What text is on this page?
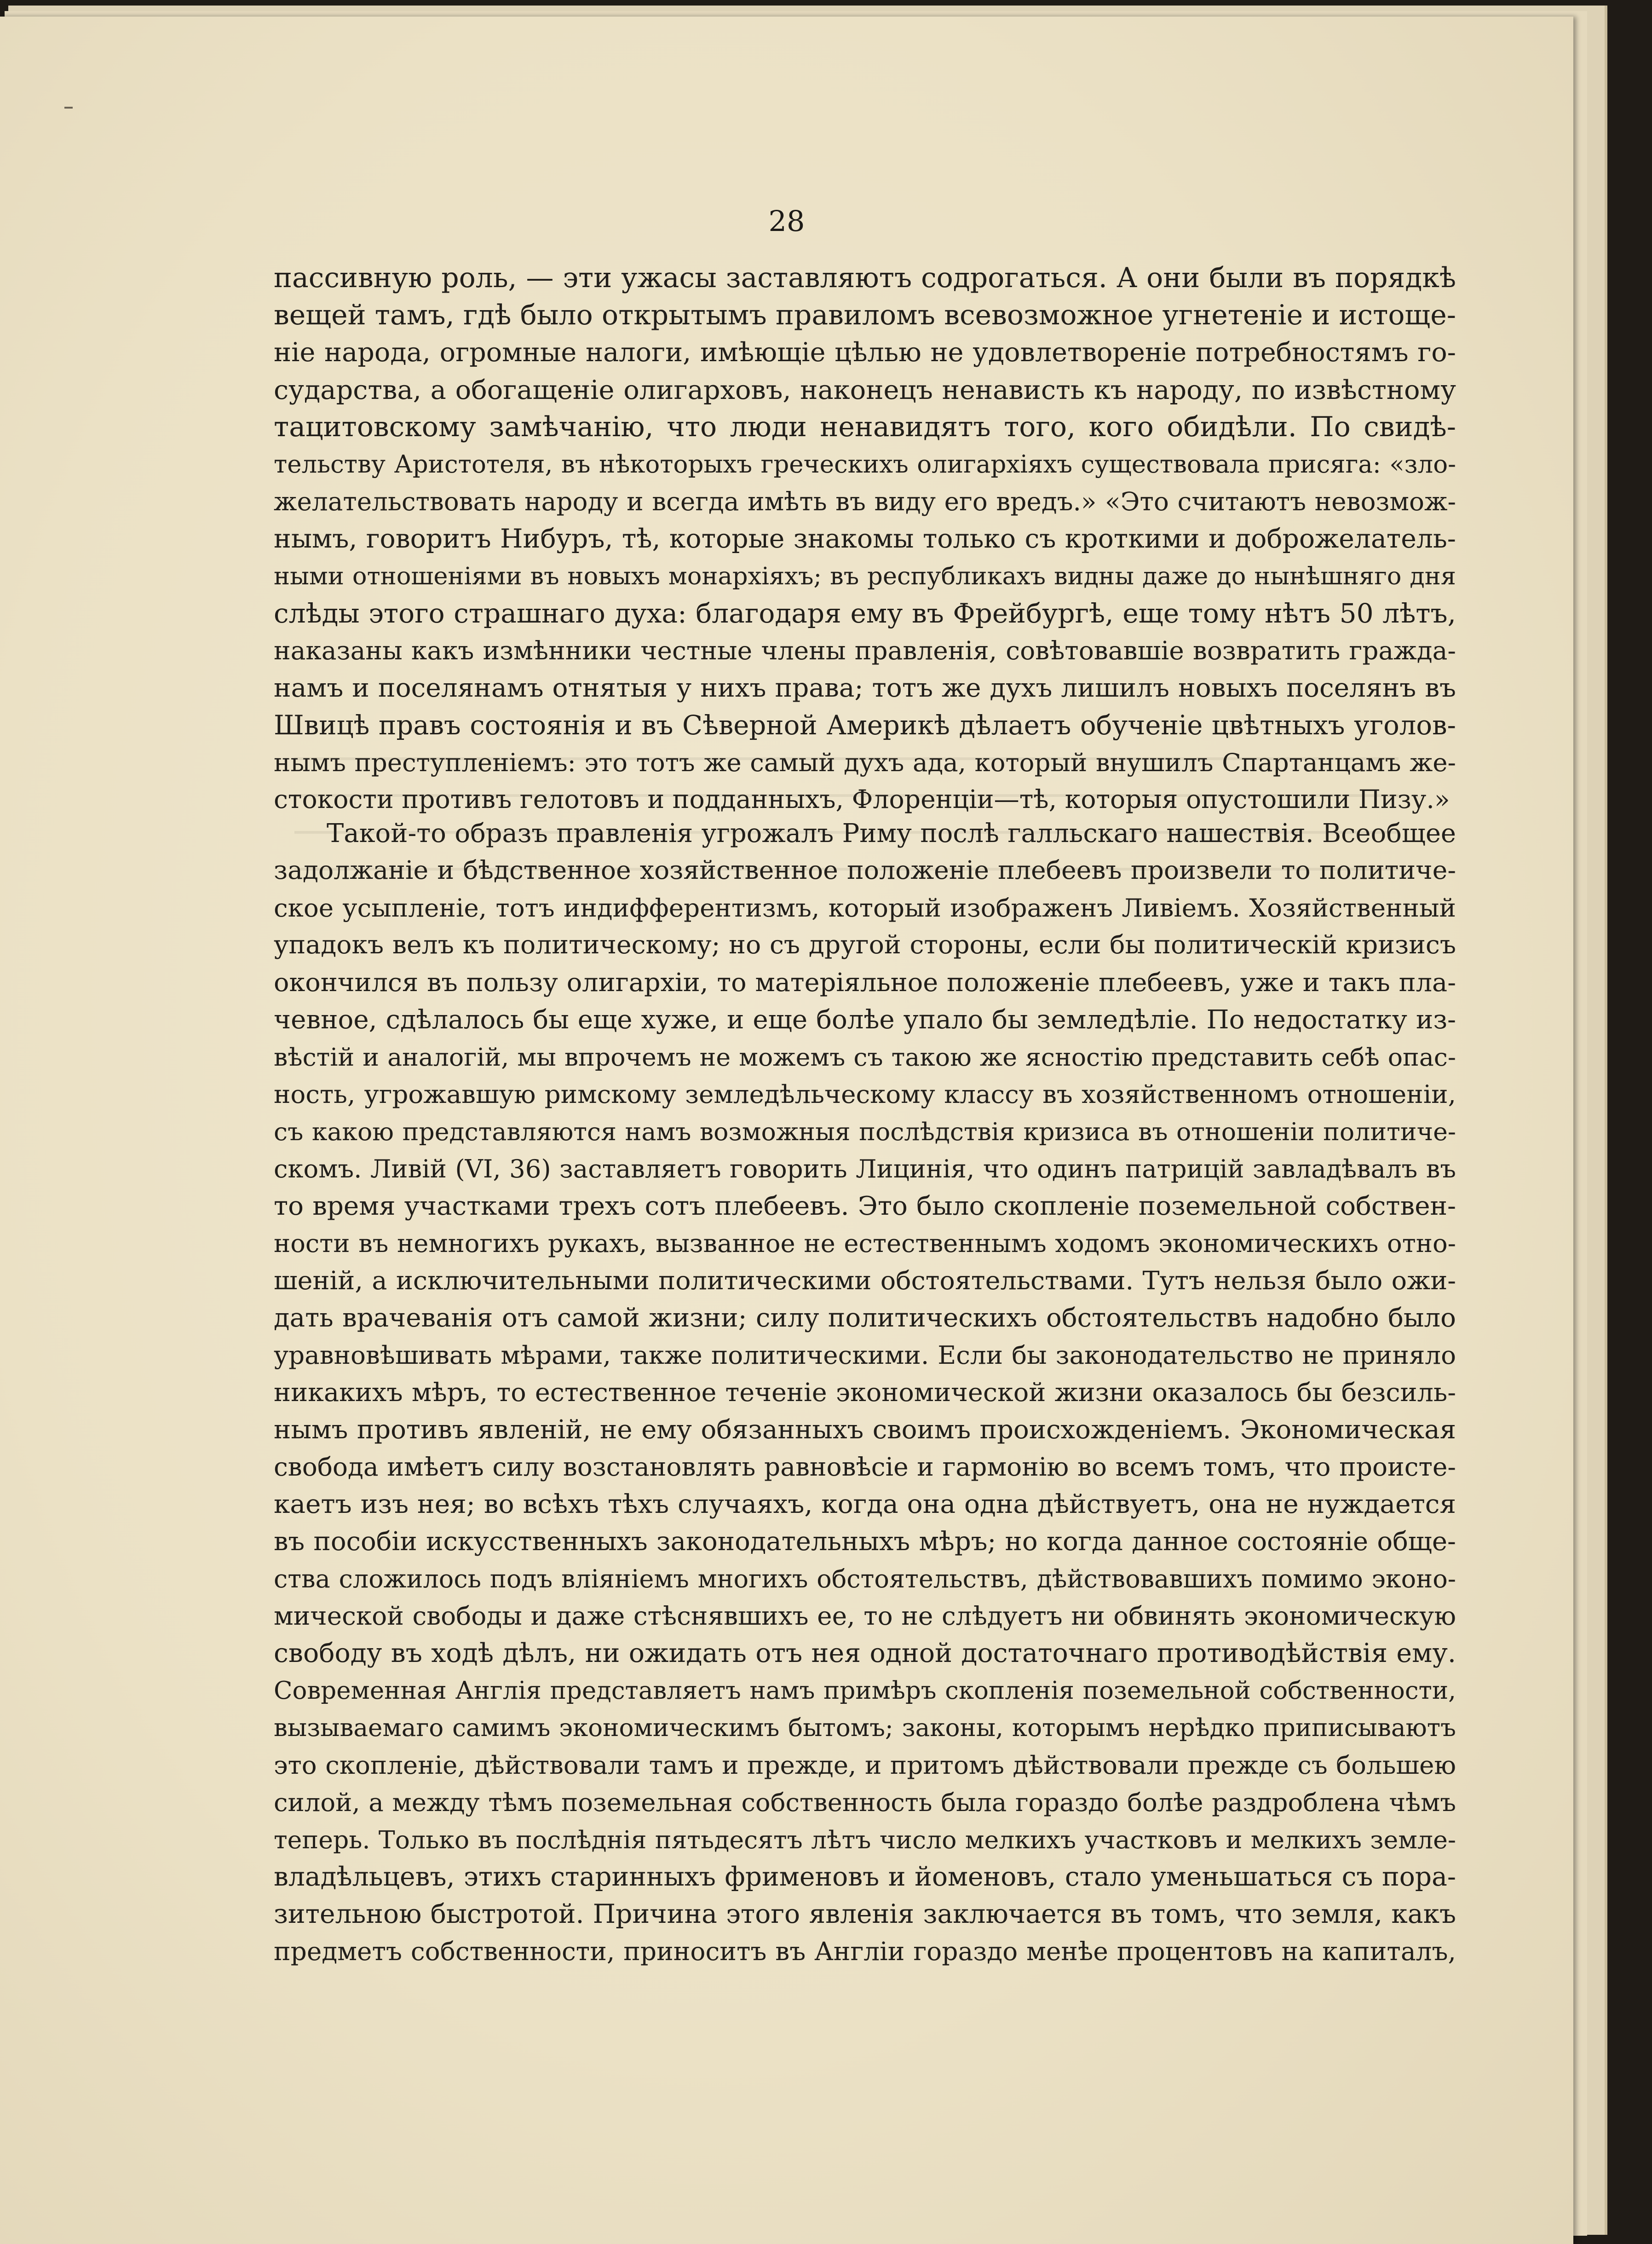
28
пассивную роль, — эти ужасы заставляютъ содрогаться. А они были въ порядкѣ
вещей тамъ, гдѣ было открытымъ правиломъ всевозможное угнетенiе и истоще-
нiе народа, огромные налоги, имѣющiе цѣлью не удовлетворенiе потребностямъ го-
сударства, а обогащенiе олигарховъ, наконецъ ненависть къ народу, по извѣстному
тацитовскому замѣчанiю, что люди ненавидятъ того, кого обидѣли. По свидѣ-
тельству Аристотеля, въ нѣкоторыхъ греческихъ олигархiяхъ существовала присяга: «зло-
желательствовать народу и всегда имѣть въ виду его вредъ.» «Это считаютъ невозмож-
нымъ, говоритъ Нибуръ, тѣ, которые знакомы только съ кроткими и доброжелатель-
ными отношенiями въ новыхъ монархiяхъ; въ республикахъ видны даже до нынѣшняго дня
слѣды этого страшнаго духа: благодаря ему въ Фрейбургѣ, еще тому нѣтъ 50 лѣтъ,
наказаны какъ измѣнники честные члены правленiя, совѣтовавшiе возвратить гражда-
намъ и поселянамъ отнятыя у нихъ права; тотъ же духъ лишилъ новыхъ поселянъ въ
Швицѣ правъ состоянiя и въ Сѣверной Америкѣ дѣлаетъ обученiе цвѣтныхъ уголов-
нымъ преступленiемъ: это тотъ же самый духъ ада, который внушилъ Спартанцамъ же-
стокости противъ гелотовъ и подданныхъ, Флоренцiи—тѣ, которыя опустошили Пизу.»
Такой-то образъ правленiя угрожалъ Риму послѣ галльскаго нашествiя. Всеобщее
задолжанiе и бѣдственное хозяйственное положенiе плебеевъ произвели то политиче-
ское усыпленiе, тотъ индифферентизмъ, который изображенъ Ливiемъ. Хозяйственный
упадокъ велъ къ политическому; но съ другой стороны, если бы политическiй кризисъ
окончился въ пользу олигархiи, то матерiяльное положенiе плебеевъ, уже и такъ пла-
чевное, сдѣлалось бы еще хуже, и еще болѣе упало бы земледѣлiе. По недостатку из-
вѣстiй и аналогiй, мы впрочемъ не можемъ съ такою же ясностiю представить себѣ опас-
ность, угрожавшую римскому земледѣльческому классу въ хозяйственномъ отношенiи,
съ какою представляются намъ возможныя послѣдствiя кризиса въ отношенiи политиче-
скомъ. Ливiй (VI, 36) заставляетъ говорить Лицинiя, что одинъ патрицiй завладѣвалъ въ
то время участками трехъ сотъ плебеевъ. Это было скопленiе поземельной собствен-
ности въ немногихъ рукахъ, вызванное не естественнымъ ходомъ экономическихъ отно-
шенiй, а исключительными политическими обстоятельствами. Тутъ нельзя было ожи-
дать врачеванiя отъ самой жизни; силу политическихъ обстоятельствъ надобно было
уравновѣшивать мѣрами, также политическими. Если бы законодательство не приняло
никакихъ мѣръ, то естественное теченiе экономической жизни оказалось бы безсиль-
нымъ противъ явленiй, не ему обязанныхъ своимъ происхожденiемъ. Экономическая
свобода имѣетъ силу возстановлять равновѣсiе и гармонiю во всемъ томъ, что происте-
каетъ изъ нея; во всѣхъ тѣхъ случаяхъ, когда она одна дѣйствуетъ, она не нуждается
въ пособiи искусственныхъ законодательныхъ мѣръ; но когда данное состоянiе обще-
ства сложилось подъ влiянiемъ многихъ обстоятельствъ, дѣйствовавшихъ помимо эконо-
мической свободы и даже стѣснявшихъ ее, то не слѣдуетъ ни обвинять экономическую
свободу въ ходѣ дѣлъ, ни ожидать отъ нея одной достаточнаго противодѣйствiя ему.
Современная Англiя представляетъ намъ примѣръ скопленiя поземельной собственности,
вызываемаго самимъ экономическимъ бытомъ; законы, которымъ нерѣдко приписываютъ
это скопленiе, дѣйствовали тамъ и прежде, и притомъ дѣйствовали прежде съ большею
силой, а между тѣмъ поземельная собственность была гораздо болѣе раздроблена чѣмъ
теперь. Только въ послѣднiя пятьдесятъ лѣтъ число мелкихъ участковъ и мелкихъ земле-
владѣльцевъ, этихъ старинныхъ фрименовъ и йоменовъ, стало уменьшаться съ пора-
зительною быстротой. Причина этого явленiя заключается въ томъ, что земля, какъ
предметъ собственности, приноситъ въ Англiи гораздо менѣе процентовъ на капиталъ,
